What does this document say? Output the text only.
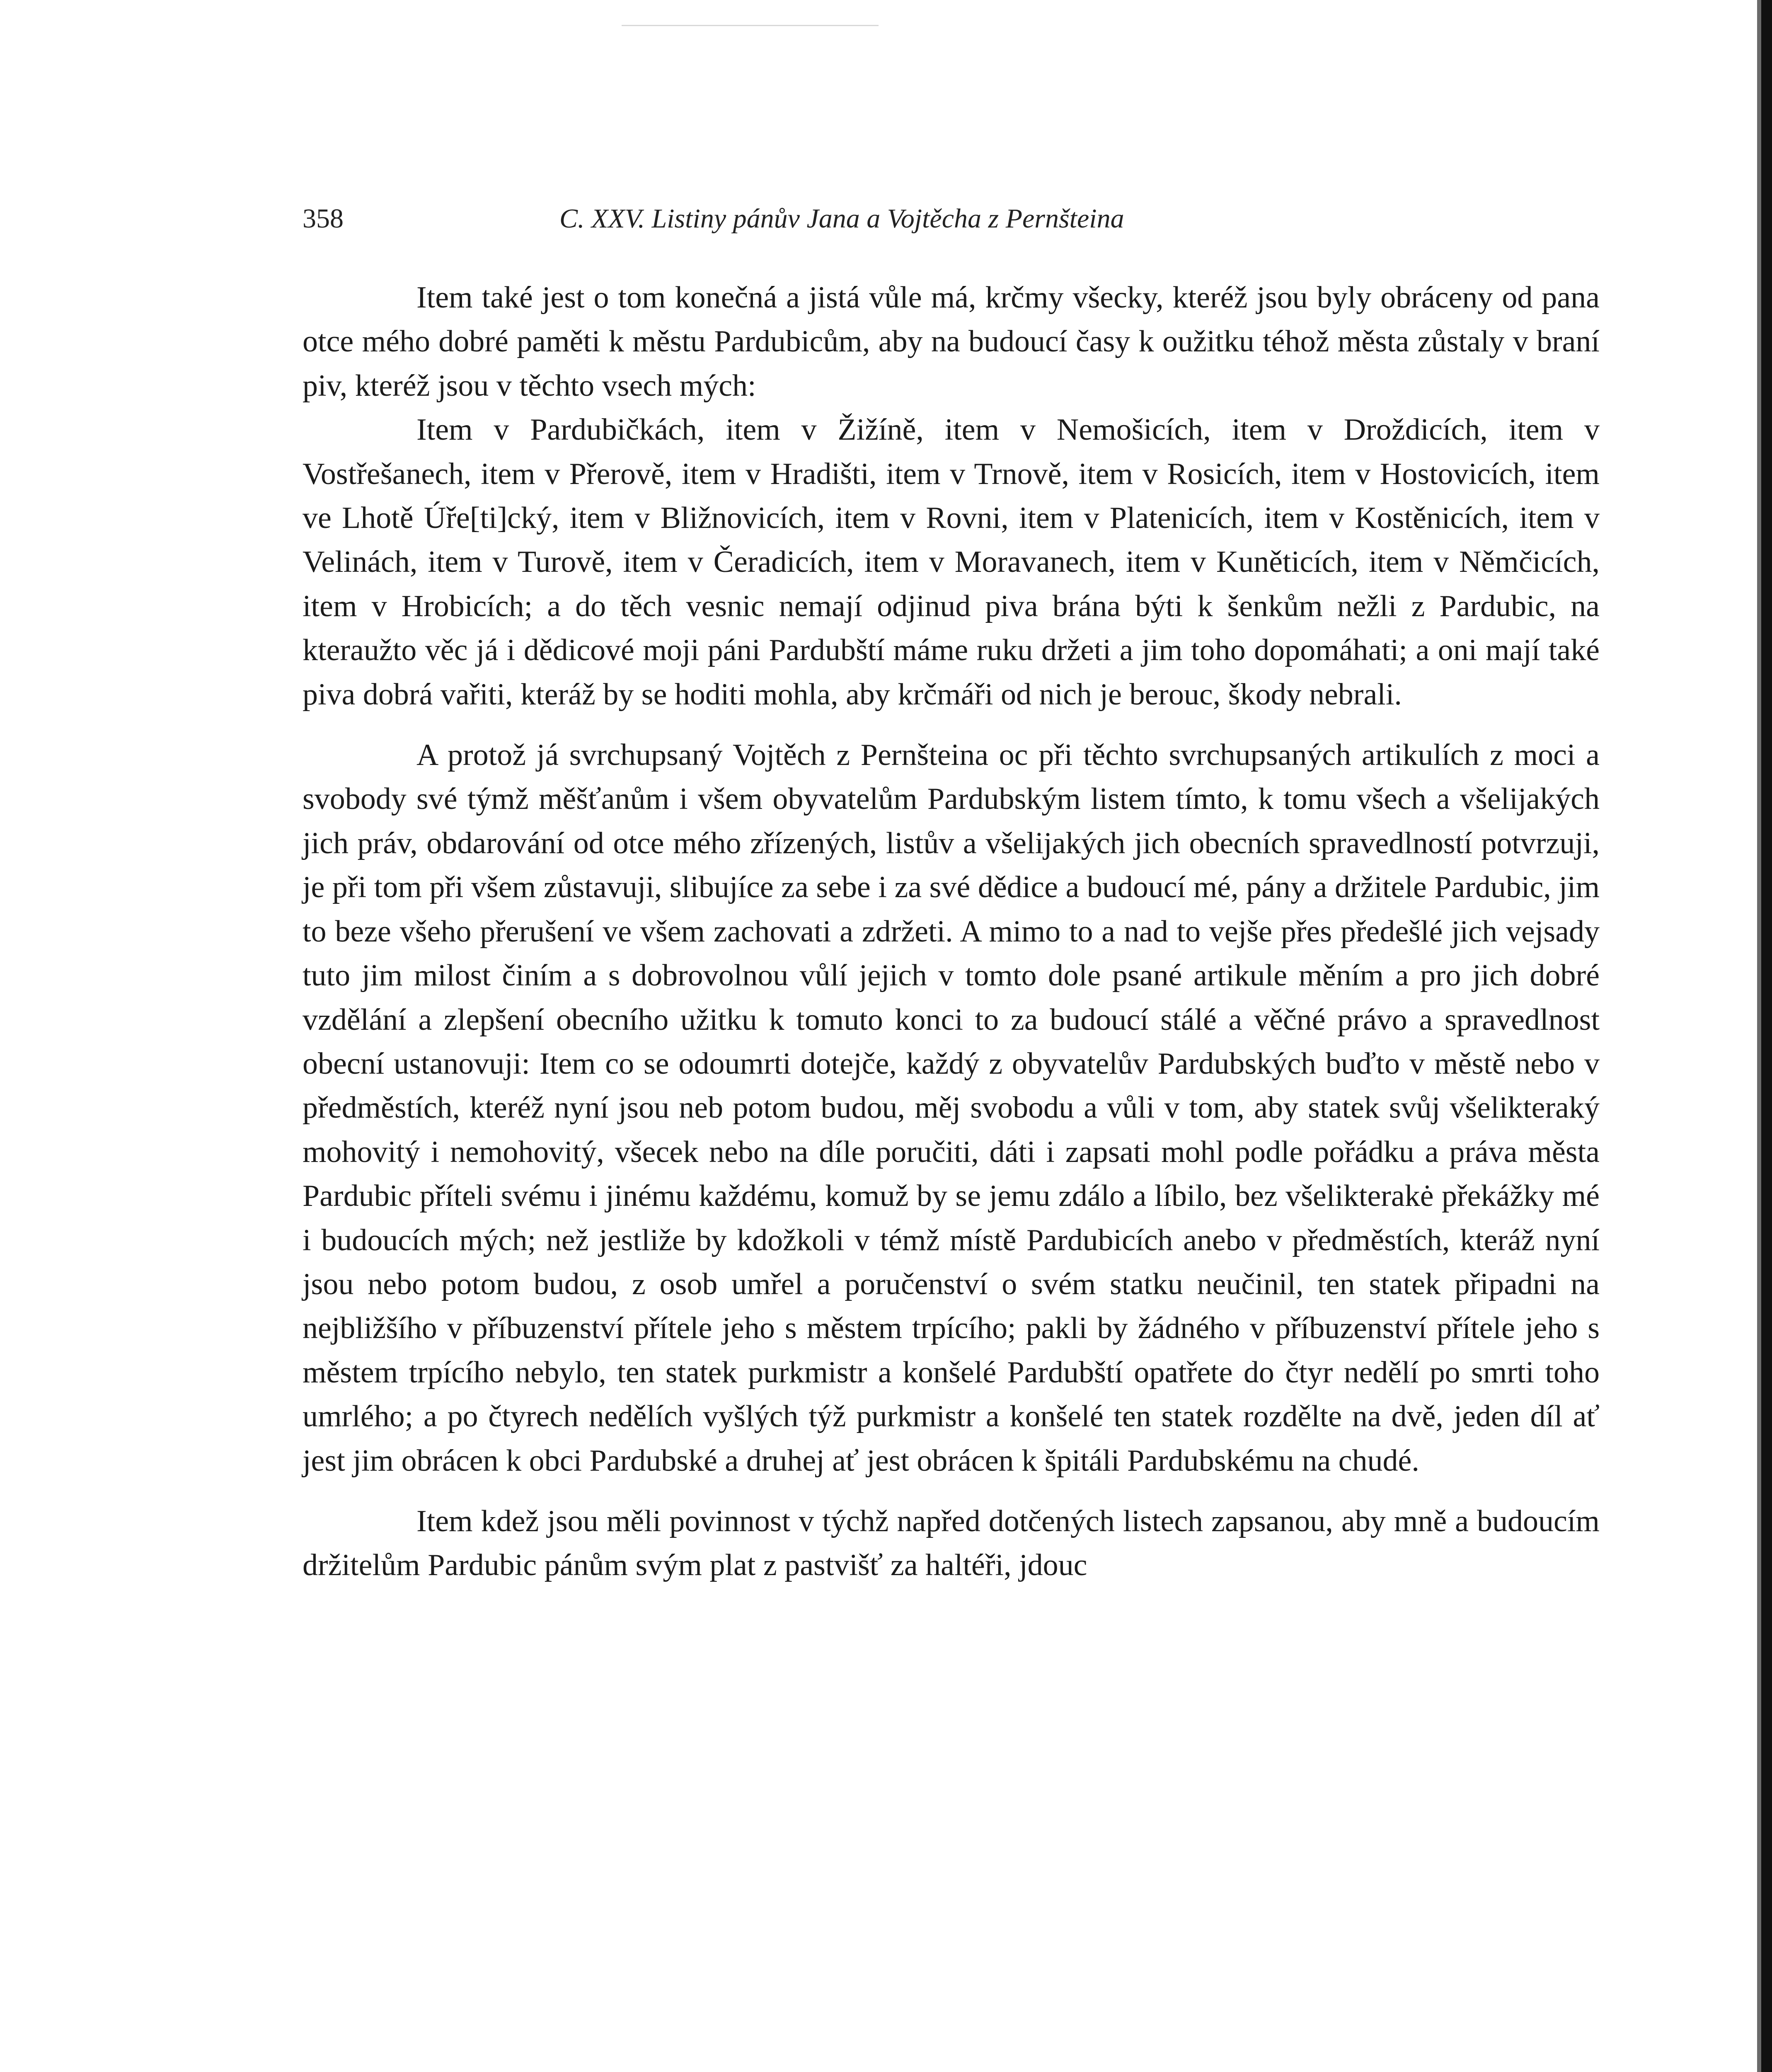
358	C. XXV. Listiny pánův Jana a Vojtěcha z Pernšteina

Item také jest o tom konečná a jistá vůle má, krčmy všecky, kteréž jsou byly obráceny od pana otce mého dobré paměti k městu Pardubicům, aby na budoucí časy k oužitku téhož města zůstaly v braní piv, kteréž jsou v těchto vsech mých:

Item v Pardubičkách, item v Žižíně, item v Nemošicích, item v Droždicích, item v Vostřešanech, item v Přerově, item v Hradišti, item v Trnově, item v Rosicích, item v Hostovicích, item ve Lhotě Úře[ti]cký, item v Bližnovicích, item v Rovni, item v Platenicích, item v Kostěnicích, item v Velinách, item v Turově, item v Čeradicích, item v Moravanech, item v Kuněticích, item v Němčicích, item v Hrobicích; a do těch vesnic nemají odjinud piva brána býti k šenkům nežli z Pardubic, na kteraužto věc já i dědicové moji páni Pardubští máme ruku držeti a jim toho dopomáhati; a oni mají také piva dobrá vařiti, kteráž by se hoditi mohla, aby krčmáři od nich je berouc, škody nebrali.

A protož já svrchupsaný Vojtěch z Pernšteina oc při těchto svrchupsaných artikulích z moci a svobody své týmž měšťanům i všem obyvatelům Pardubským listem tímto, k tomu všech a všelijakých jich práv, obdarování od otce mého zřízených, listův a všelijakých jich obecních spravedlností potvrzuji, je při tom při všem zůstavuji, slibujíce za sebe i za své dědice a budoucí mé, pány a držitele Pardubic, jim to beze všeho přerušení ve všem zachovati a zdržeti. A mimo to a nad to vejše přes předešlé jich vejsady tuto jim milost činím a s dobrovolnou vůlí jejich v tomto dole psané artikule měním a pro jich dobré vzdělání a zlepšení obecního užitku k tomuto konci to za budoucí stálé a věčné právo a spravedlnost obecní ustanovuji: Item co se odoumrti dotejče, každý z obyvatelův Pardubských buďto v městě nebo v předměstích, kteréž nyní jsou neb potom budou, měj svobodu a vůli v tom, aby statek svůj všelikteraký mohovitý i nemohovitý, všecek nebo na díle poručiti, dáti i zapsati mohl podle pořádku a práva města Pardubic příteli svému i jinému každému, komuž by se jemu zdálo a líbilo, bez všelikterakė překážky mé i budoucích mých; než jestliže by kdožkoli v témž místě Pardubicích anebo v předměstích, kteráž nyní jsou nebo potom budou, z osob umřel a poručenství o svém statku neučinil, ten statek připadni na nejbližšího v příbuzenství přítele jeho s městem trpícího; pakli by žádného v příbuzenství přítele jeho s městem trpícího nebylo, ten statek purkmistr a konšelé Pardubští opatřete do čtyr nedělí po smrti toho umrlého; a po čtyrech nedělích vyšlých týž purkmistr a konšelé ten statek rozdělte na dvě, jeden díl ať jest jim obrácen k obci Pardubské a druhej ať jest obrácen k špitáli Pardubskému na chudé.

Item kdež jsou měli povinnost v týchž napřed dotčených listech zapsanou, aby mně a budoucím držitelům Pardubic pánům svým plat z pastvišť za haltéři, jdouc
